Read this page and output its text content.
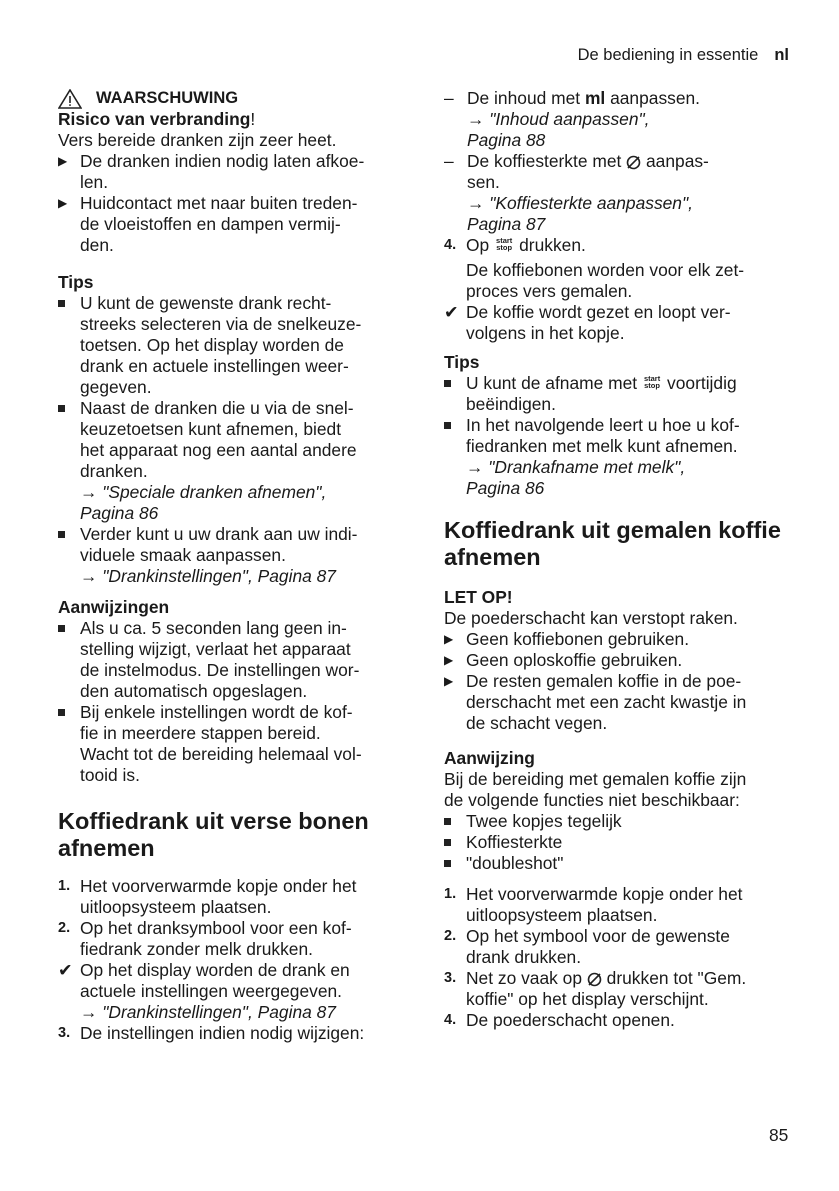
De bediening in essentie nl
WAARSCHUWING
Risico van verbranding!
Vers bereide dranken zijn zeer heet.
▶ De dranken indien nodig laten afkoe-
len.
▶ Huidcontact met naar buiten treden-
de vloeistoffen en dampen vermij-
den.
Tips
U kunt de gewenste drank recht-
streeks selecteren via de snelkeuze-
toetsen. Op het display worden de
drank en actuele instellingen weer-
gegeven.
Naast de dranken die u via de snel-
keuzetoetsen kunt afnemen, biedt
het apparaat nog een aantal andere
dranken.
→ "Speciale dranken afnemen",
Pagina 86
Verder kunt u uw drank aan uw indi-
viduele smaak aanpassen.
→ "Drankinstellingen", Pagina 87
Aanwijzingen
Als u ca. 5 seconden lang geen in-
stelling wijzigt, verlaat het apparaat
de instelmodus. De instellingen wor-
den automatisch opgeslagen.
Bij enkele instellingen wordt de kof-
fie in meerdere stappen bereid.
Wacht tot de bereiding helemaal vol-
tooid is.
Koffiedrank uit verse bonen
afnemen
1. Het voorverwarmde kopje onder het
uitloopsysteem plaatsen.
2. Op het dranksymbool voor een kof-
fiedrank zonder melk drukken.
✔ Op het display worden de drank en
actuele instellingen weergegeven.
→ "Drankinstellingen", Pagina 87
3. De instellingen indien nodig wijzigen:
– De inhoud met ml aanpassen.
→ "Inhoud aanpassen",
Pagina 88
– De koffiesterkte met  aanpas-
sen.
→ "Koffiesterkte aanpassen",
Pagina 87
4. Op start
stop drukken.
De koffiebonen worden voor elk zet-
proces vers gemalen.
✔ De koffie wordt gezet en loopt ver-
volgens in het kopje.
Tips
U kunt de afname met start
stop voortijdig
beëindigen.
In het navolgende leert u hoe u kof-
fiedranken met melk kunt afnemen.
→ "Drankafname met melk",
Pagina 86
Koffiedrank uit gemalen koffie
afnemen
LET OP!
De poederschacht kan verstopt raken.
▶ Geen koffiebonen gebruiken.
▶ Geen oploskoffie gebruiken.
▶ De resten gemalen koffie in de poe-
derschacht met een zacht kwastje in
de schacht vegen.
Aanwijzing
Bij de bereiding met gemalen koffie zijn
de volgende functies niet beschikbaar:
Twee kopjes tegelijk
Koffiesterkte
"doubleshot"
1. Het voorverwarmde kopje onder het
uitloopsysteem plaatsen.
2. Op het symbool voor de gewenste
drank drukken.
3. Net zo vaak op  drukken tot "Gem.
koffie" op het display verschijnt.
4. De poederschacht openen.
85
